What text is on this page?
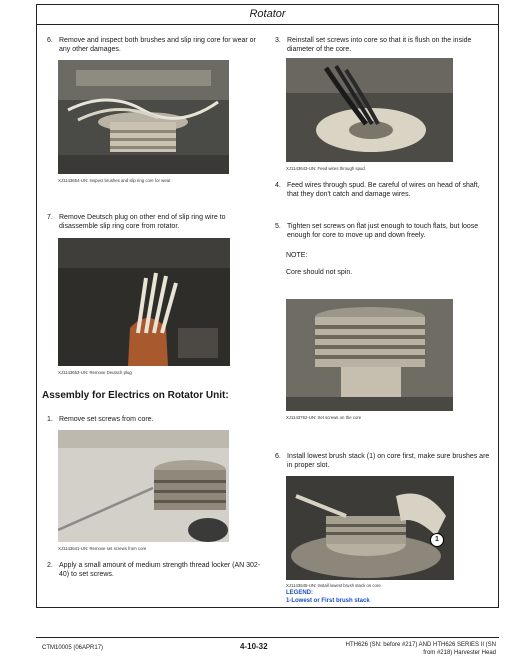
Rotator
6. Remove and inspect both brushes and slip ring core for wear or any other damages.
XJ1143654-UN: Inspect brushes and slip ring core for wear
7. Remove Deutsch plug on other end of slip ring wire to disassemble slip ring core from rotator.
XJ1143653-UN: Remove Deutsch plug
Assembly for Electrics on Rotator Unit:
1. Remove set screws from core.
XJ1143641-UN: Remove set screws from core
2. Apply a small amount of medium strength thread locker (AN 302-40) to set screws.
3. Reinstall set screws into core so that it is flush on the inside diameter of the core.
XJ1143643-UN: Feed wires through spud
4. Feed wires through spud. Be careful of wires on head of shaft, that they don't catch and damage wires.
5. Tighten set screws on flat just enough to touch flats, but loose enough for core to move up and down freely.
NOTE:
Core should not spin.
XJ1143762-UN: Set screws on the core
6. Install lowest brush stack (1) on core first, make sure brushes are in proper slot.
1
XJ1143645-UN: Install lowest brush stack on core
LEGEND:
1-Lowest or First brush stack
CTM10005 (06APR17)	4-10-32	HTH626 (SN: before #217) AND HTH626 SERIES II (SN
from #218) Harvester Head
